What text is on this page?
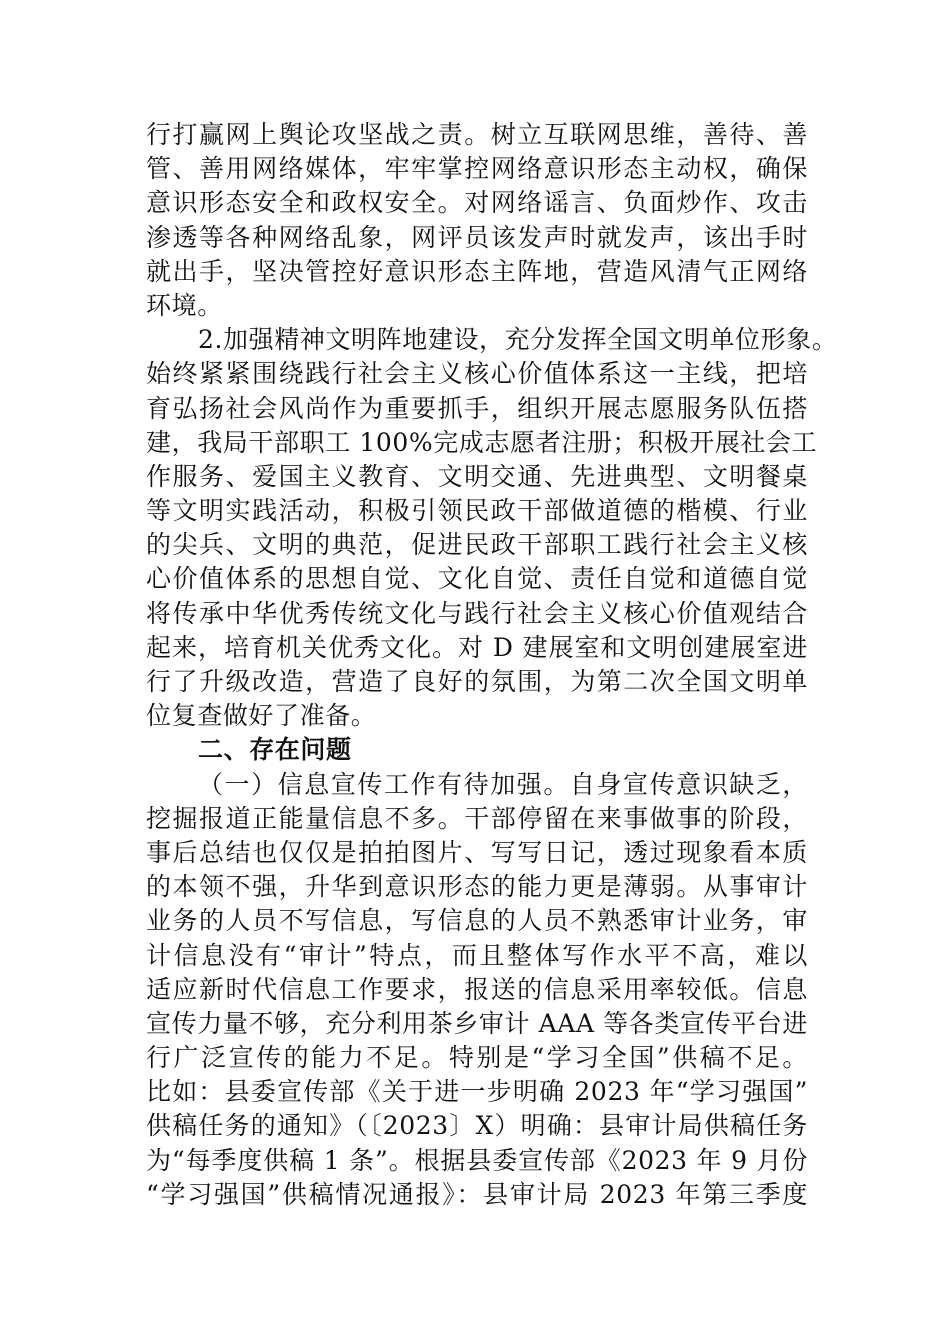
行打赢网上舆论攻坚战之责。树立互联网思维，善待、善
管、善用网络媒体，牢牢掌控网络意识形态主动权，确保
意识形态安全和政权安全。对网络谣言、负面炒作、攻击
渗透等各种网络乱象，网评员该发声时就发声，该出手时
就出手，坚决管控好意识形态主阵地，营造风清气正网络
环境。
2.加强精神文明阵地建设，充分发挥全国文明单位形象。
始终紧紧围绕践行社会主义核心价值体系这一主线，把培
育弘扬社会风尚作为重要抓手，组织开展志愿服务队伍搭
建，我局干部职工 100%完成志愿者注册；积极开展社会工
作服务、爱国主义教育、文明交通、先进典型、文明餐桌
等文明实践活动，积极引领民政干部做道德的楷模、行业
的尖兵、文明的典范，促进民政干部职工践行社会主义核
心价值体系的思想自觉、文化自觉、责任自觉和道德自觉
将传承中华优秀传统文化与践行社会主义核心价值观结合
起来，培育机关优秀文化。对 D 建展室和文明创建展室进
行了升级改造，营造了良好的氛围，为第二次全国文明单
位复查做好了准备。
二、存在问题
（一）信息宣传工作有待加强。自身宣传意识缺乏，
挖掘报道正能量信息不多。干部停留在来事做事的阶段，
事后总结也仅仅是拍拍图片、写写日记，透过现象看本质
的本领不强，升华到意识形态的能力更是薄弱。从事审计
业务的人员不写信息，写信息的人员不熟悉审计业务，审
计信息没有“审计”特点，而且整体写作水平不高，难以
适应新时代信息工作要求，报送的信息采用率较低。信息
宣传力量不够，充分利用茶乡审计 AAA 等各类宣传平台进
行广泛宣传的能力不足。特别是“学习全国”供稿不足。
比如：县委宣传部《关于进一步明确 2023 年“学习强国”
供稿任务的通知》（〔2023〕X）明确：县审计局供稿任务
为“每季度供稿 1 条”。根据县委宣传部《2023 年 9 月份
“学习强国”供稿情况通报》：县审计局 2023 年第三季度
